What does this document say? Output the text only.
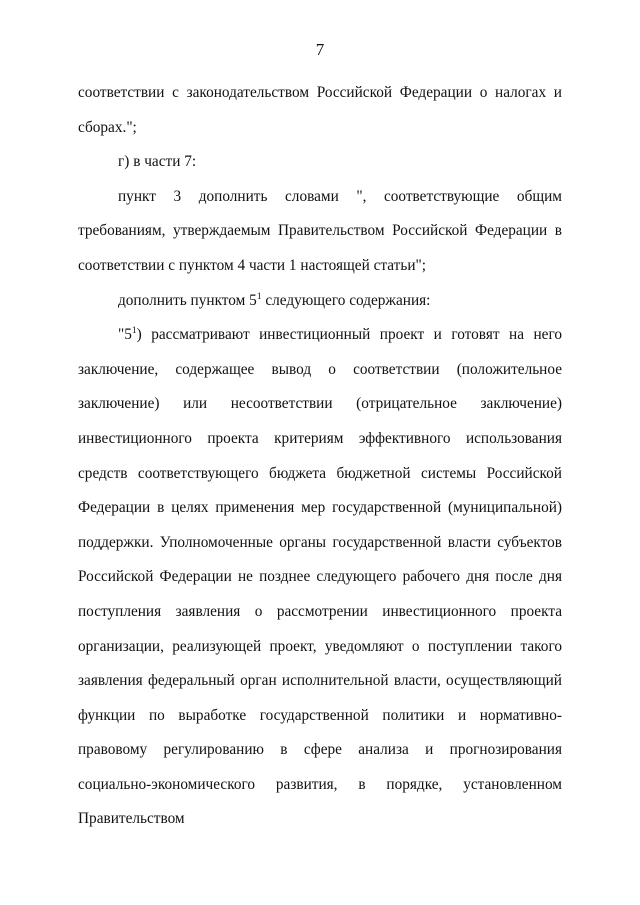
7

соответствии с законодательством Российской Федерации о налогах и сборах.";

г) в части 7:

пункт 3 дополнить словами ", соответствующие общим требованиям, утверждаемым Правительством Российской Федерации в соответствии с пунктом 4 части 1 настоящей статьи";

дополнить пунктом $5^1$ следующего содержания:

"$5^1$) рассматривают инвестиционный проект и готовят на него заключение, содержащее вывод о соответствии (положительное заключение) или несоответствии (отрицательное заключение) инвестиционного проекта критериям эффективного использования средств соответствующего бюджета бюджетной системы Российской Федерации в целях применения мер государственной (муниципальной) поддержки. Уполномоченные органы государственной власти субъектов Российской Федерации не позднее следующего рабочего дня после дня поступления заявления о рассмотрении инвестиционного проекта организации, реализующей проект, уведомляют о поступлении такого заявления федеральный орган исполнительной власти, осуществляющий функции по выработке государственной политики и нормативно-правовому регулированию в сфере анализа и прогнозирования социально-экономического развития, в порядке, установленном Правительством
